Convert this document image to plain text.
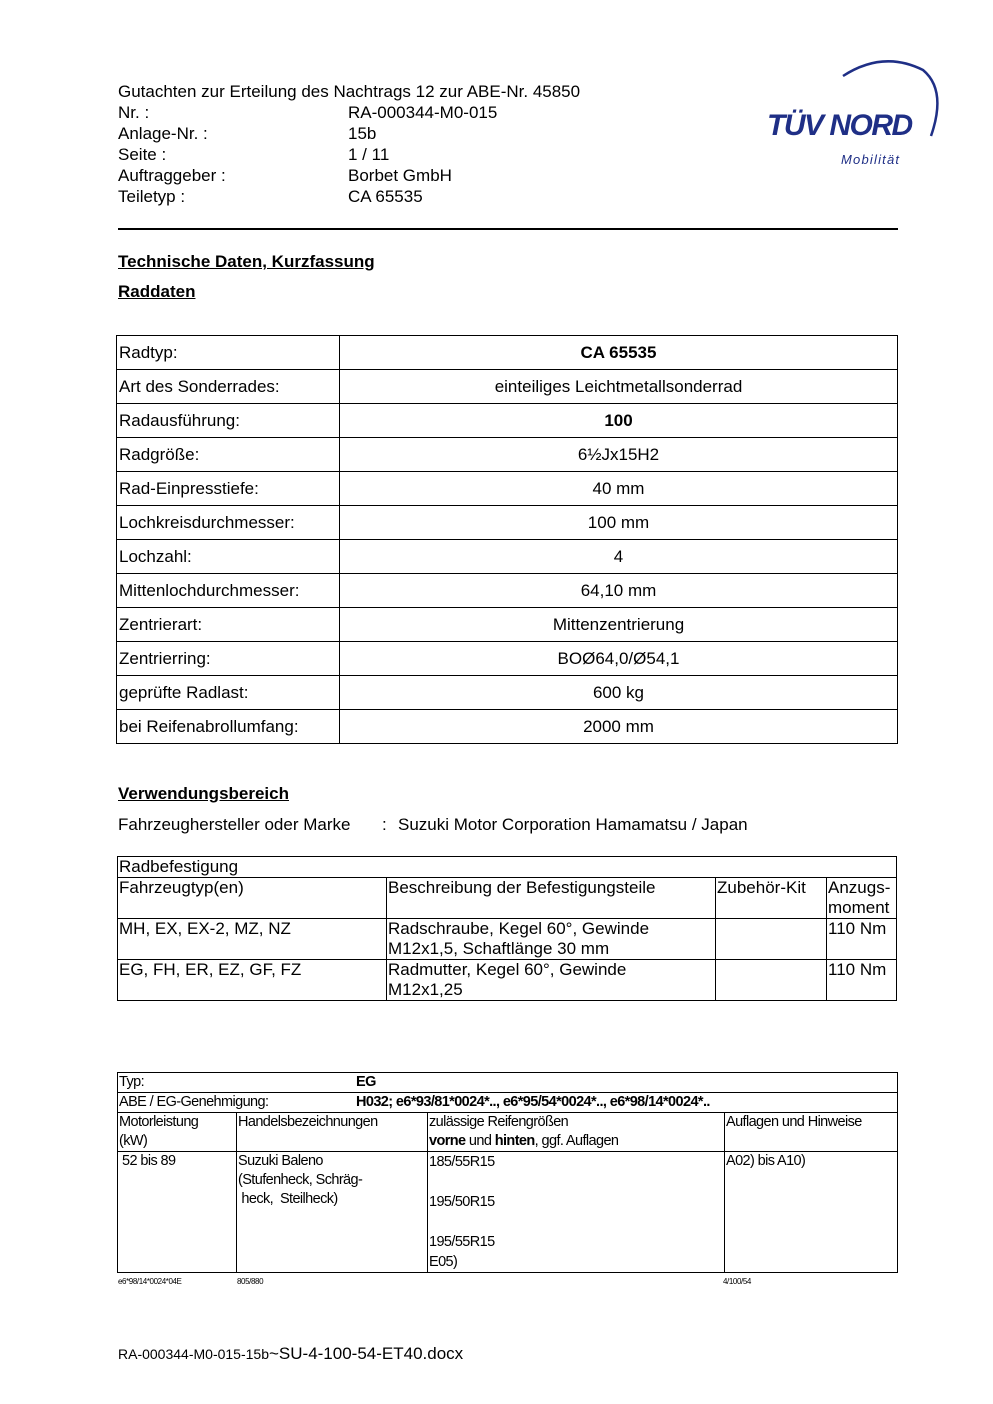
Gutachten zur Erteilung des Nachtrags 12 zur ABE-Nr. 45850
Nr. :	RA-000344-M0-015
Anlage-Nr. :	15b
Seite :	1 / 11
Auftraggeber :	Borbet GmbH
Teiletyp :	CA 65535
TÜV NORD
Mobilität
Technische Daten, Kurzfassung
Raddaten
Radtyp:	CA 65535
Art des Sonderrades:	einteiliges Leichtmetallsonderrad
Radausführung:	100
Radgröße:	6½Jx15H2
Rad-Einpresstiefe:	40 mm
Lochkreisdurchmesser:	100 mm
Lochzahl:	4
Mittenlochdurchmesser:	64,10 mm
Zentrierart:	Mittenzentrierung
Zentrierring:	BOØ64,0/Ø54,1
geprüfte Radlast:	600 kg
bei Reifenabrollumfang:	2000 mm
Verwendungsbereich
Fahrzeughersteller oder Marke : Suzuki Motor Corporation Hamamatsu / Japan
Radbefestigung			
Fahrzeugtyp(en)	Beschreibung der Befestigungsteile	Zubehör-Kit	Anzugs-
moment
MH, EX, EX-2, MZ, NZ	Radschraube, Kegel 60°, Gewinde
M12x1,5, Schaftlänge 30 mm		110 Nm
EG, FH, ER, EZ, GF, FZ	Radmutter, Kegel 60°, Gewinde
M12x1,25		110 Nm
Typ: EG			

ABE / EG-Genehmigung: H032; e6*93/81*0024*.., e6*95/54*0024*.., e6*98/14*0024*..			

Motorleistung
(kW)	Handelsbezeichnungen	zulässige Reifengrößen
vorne und hinten, ggf. Auflagen	Auflagen und Hinweise
52 bis 89	Suzuki Baleno
(Stufenheck, Schräg-
heck,  Steilheck)	185/55R15

195/50R15

195/55R15
E05)	A02) bis A10)
e6*98/14*0024*04E	805/880	4/100/54
RA-000344-M0-015-15b~SU-4-100-54-ET40.docx
